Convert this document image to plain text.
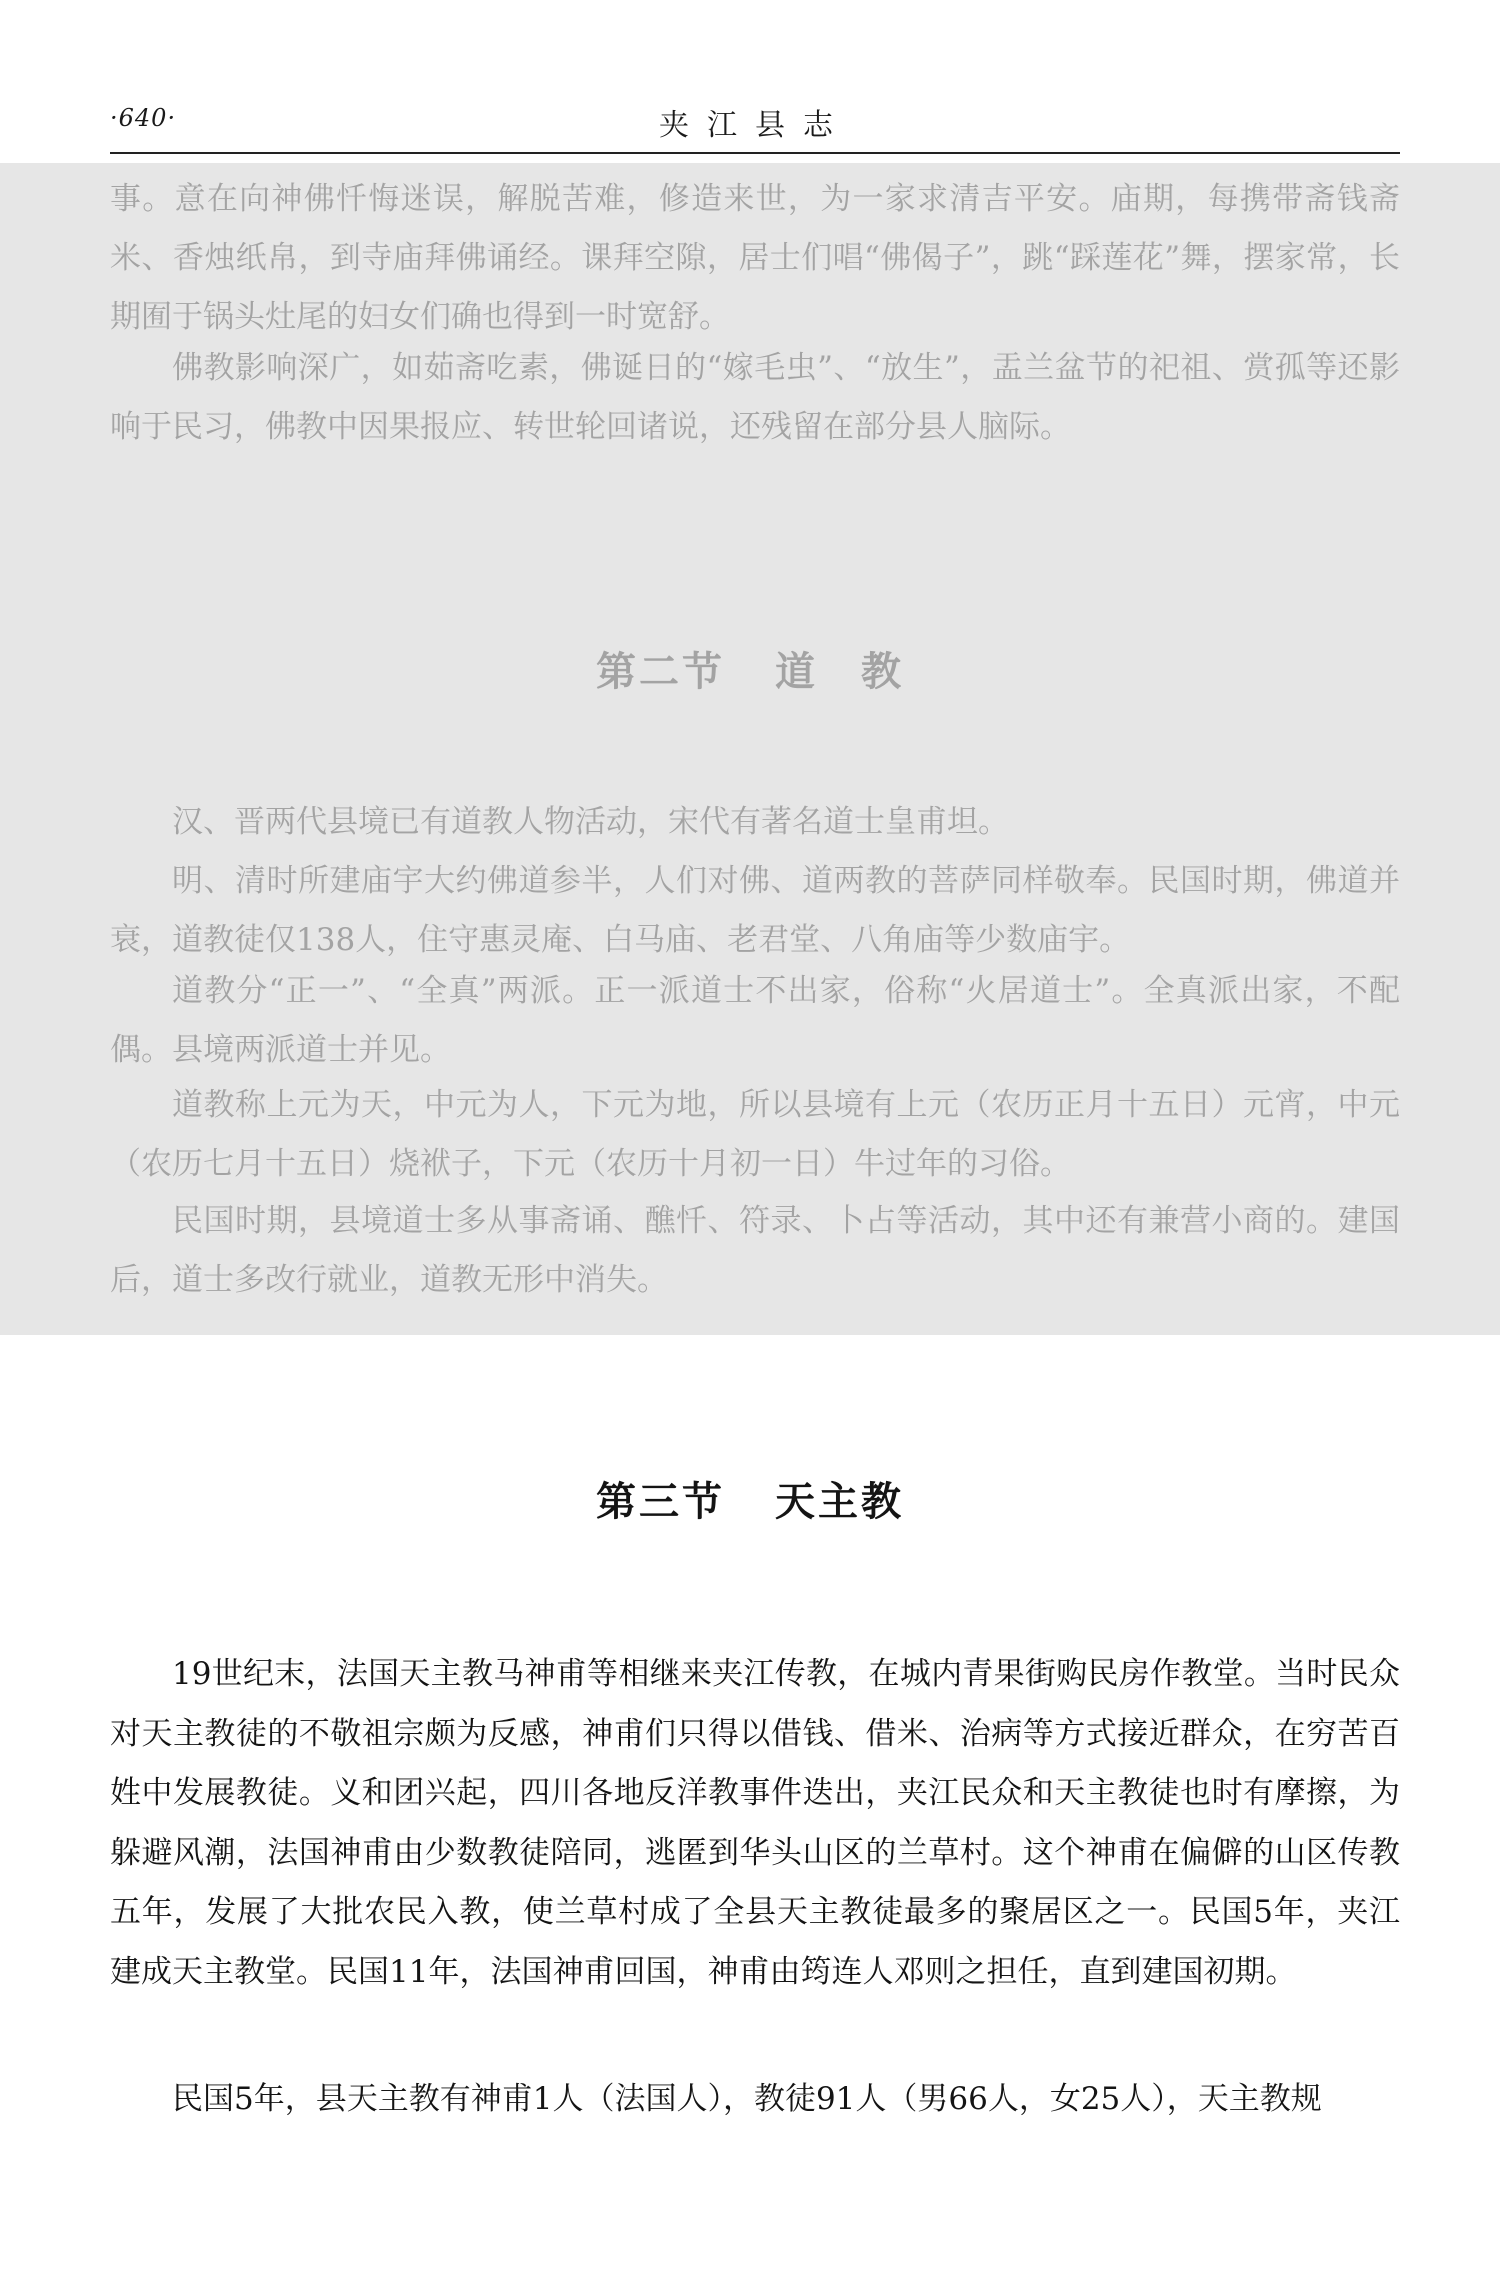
·640·	夹江县志

事。意在向神佛忏悔迷误，解脱苦难，修造来世，为一家求清吉平安。庙期，每携带斋钱斋米、香烛纸帛，到寺庙拜佛诵经。课拜空隙，居士们唱“佛偈子”，跳“踩莲花”舞，摆家常，长期囿于锅头灶尾的妇女们确也得到一时宽舒。

佛教影响深广，如茹斋吃素，佛诞日的“嫁毛虫”、“放生”，盂兰盆节的祀祖、赏孤等还影响于民习，佛教中因果报应、转世轮回诸说，还残留在部分县人脑际。

第二节 道　教

汉、晋两代县境已有道教人物活动，宋代有著名道士皇甫坦。

明、清时所建庙宇大约佛道参半，人们对佛、道两教的菩萨同样敬奉。民国时期，佛道并衰，道教徒仅138人，住守惠灵庵、白马庙、老君堂、八角庙等少数庙宇。

道教分“正一”、“全真”两派。正一派道士不出家，俗称“火居道士”。全真派出家，不配偶。县境两派道士并见。

道教称上元为天，中元为人，下元为地，所以县境有上元（农历正月十五日）元宵，中元（农历七月十五日）烧袱子，下元（农历十月初一日）牛过年的习俗。

民国时期，县境道士多从事斋诵、醮忏、符录、卜占等活动，其中还有兼营小商的。建国后，道士多改行就业，道教无形中消失。

第三节 天主教

19世纪末，法国天主教马神甫等相继来夹江传教，在城内青果街购民房作教堂。当时民众对天主教徒的不敬祖宗颇为反感，神甫们只得以借钱、借米、治病等方式接近群众，在穷苦百姓中发展教徒。义和团兴起，四川各地反洋教事件迭出，夹江民众和天主教徒也时有摩擦，为躲避风潮，法国神甫由少数教徒陪同，逃匿到华头山区的兰草村。这个神甫在偏僻的山区传教五年，发展了大批农民入教，使兰草村成了全县天主教徒最多的聚居区之一。民国5年，夹江建成天主教堂。民国11年，法国神甫回国，神甫由筠连人邓则之担任，直到建国初期。

民国5年，县天主教有神甫1人（法国人），教徒91人（男66人，女25人），天主教规
